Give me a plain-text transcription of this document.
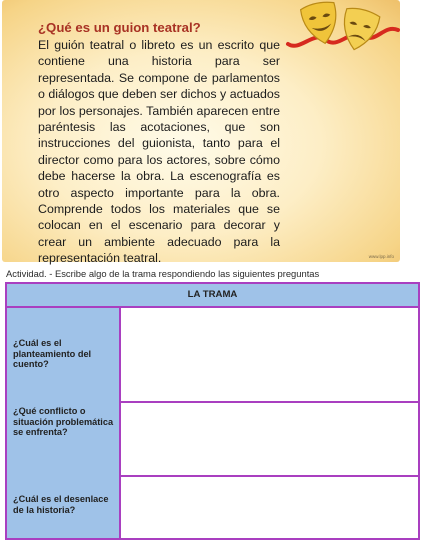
¿Qué es un guion teatral?
El guión teatral o libreto es un escrito que contiene una historia para ser representada. Se compone de parlamentos o diálogos que deben ser dichos y actuados por los personajes. También aparecen entre paréntesis las acotaciones, que son instrucciones del guionista, tanto para el director como para los actores, sobre cómo debe hacerse la obra. La escenografía es otro aspecto importante para la obra. Comprende todos los materiales que se colocan en el escenario para decorar y crear un ambiente adecuado para la representación teatral.	www.lpp.info
Actividad. - Escribe algo de la trama respondiendo las siguientes preguntas
LA TRAMA
¿Cuál es el planteamiento del cuento?
¿Qué conflicto o situación problemática se enfrenta?
¿Cuál es el desenlace de la historia?
